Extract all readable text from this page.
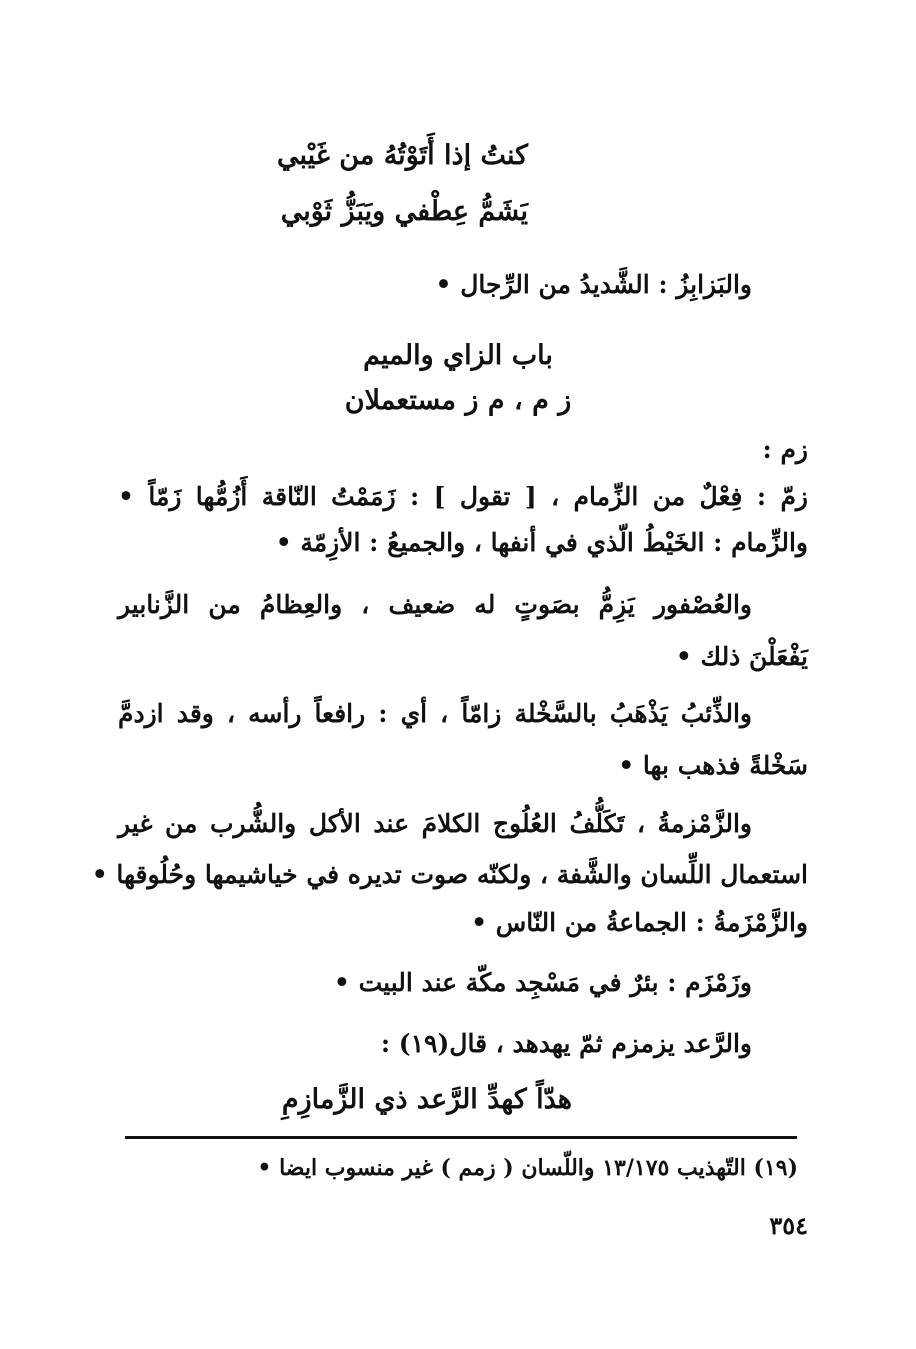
كنتُ إذا أَتَوْتُهُ من غَيْبي
يَشَمُّ عِطْفي ويَبَزُّ ثَوْبي
والبَزابِزُ : الشَّديدُ من الرِّجال •
باب الزاي والميم
ز م ، م ز مستعملان
زم :
زمّ : فِعْلٌ من الزِّمام ، [ تقول ] : زَمَمْتُ النّاقة أَزُمُّها زَمّاً •
والزِّمام : الخَيْطُ الّذي في أنفها ، والجميعُ : الأزِمّة •
والعُصْفور يَزِمُّ بصَوتٍ له ضعيف ، والعِظامُ من الزَّنابير
يَفْعَلْنَ ذلك •
والذِّئبُ يَذْهَبُ بالسَّخْلة زامّاً ، أي : رافعاً رأسه ، وقد ازدمَّ
سَخْلةً فذهب بها •
والزَّمْزمةُ ، تَكَلُّفُ العُلُوج الكلامَ عند الأكل والشُّرب من غير
استعمال اللِّسان والشَّفة ، ولكنّه صوت تديره في خياشيمها وحُلُوقها •
والزَّمْزَمةُ : الجماعةُ من النّاس •
وزَمْزَم : بئرٌ في مَسْجِد مكّة عند البيت •
والرَّعد يزمزم ثمّ يهدهد ، قال(١٩) :
هدّاً كهدِّ الرَّعد ذي الزَّمازِمِ
(١٩) التّهذيب ١٣/١٧٥ واللّسان ( زمم ) غير منسوب ايضا •
٣٥٤
